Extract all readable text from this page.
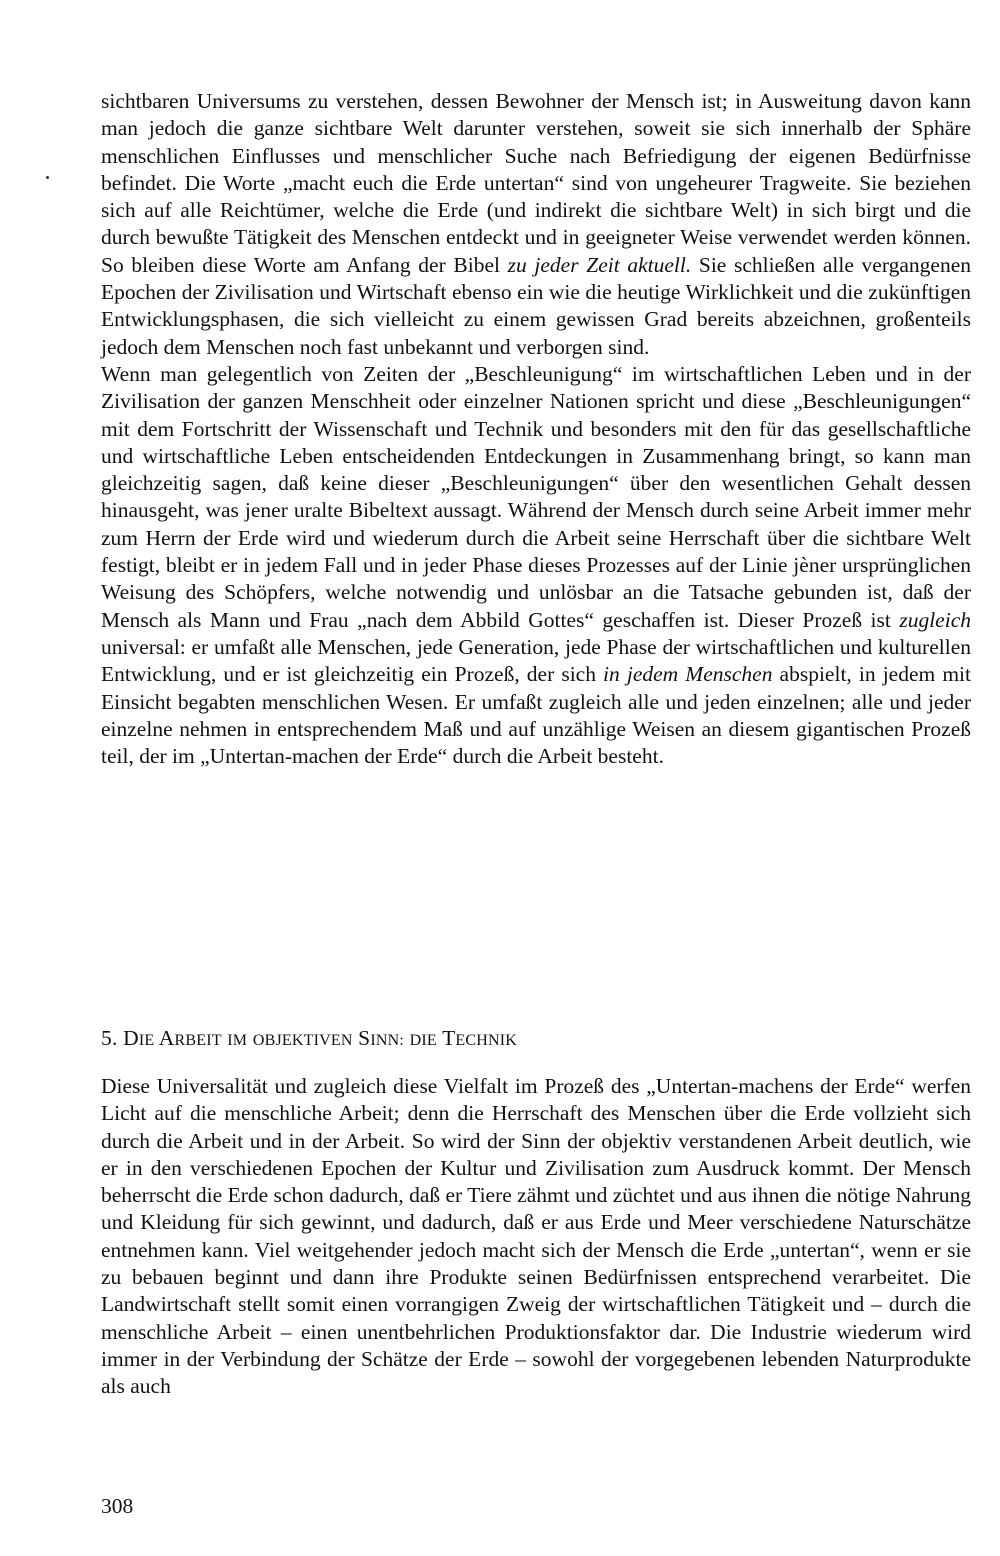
sichtbaren Universums zu verstehen, dessen Bewohner der Mensch ist; in Ausweitung davon kann man jedoch die ganze sichtbare Welt darunter verstehen, soweit sie sich innerhalb der Sphäre menschlichen Einflusses und menschlicher Suche nach Befriedigung der eigenen Bedürfnisse befindet. Die Worte „macht euch die Erde untertan“ sind von ungeheurer Tragweite. Sie beziehen sich auf alle Reichtümer, welche die Erde (und indirekt die sichtbare Welt) in sich birgt und die durch bewußte Tätigkeit des Menschen entdeckt und in geeigneter Weise verwendet werden können. So bleiben diese Worte am Anfang der Bibel zu jeder Zeit aktuell. Sie schließen alle vergangenen Epochen der Zivilisation und Wirtschaft ebenso ein wie die heutige Wirklichkeit und die zukünftigen Entwicklungsphasen, die sich vielleicht zu einem gewissen Grad bereits abzeichnen, großenteils jedoch dem Menschen noch fast unbekannt und verborgen sind.

Wenn man gelegentlich von Zeiten der „Beschleunigung“ im wirtschaftlichen Leben und in der Zivilisation der ganzen Menschheit oder einzelner Nationen spricht und diese „Beschleunigungen“ mit dem Fortschritt der Wissenschaft und Technik und besonders mit den für das gesellschaftliche und wirtschaftliche Leben entscheidenden Entdeckungen in Zusammenhang bringt, so kann man gleichzeitig sagen, daß keine dieser „Beschleunigungen“ über den wesentlichen Gehalt dessen hinausgeht, was jener uralte Bibeltext aussagt. Während der Mensch durch seine Arbeit immer mehr zum Herrn der Erde wird und wiederum durch die Arbeit seine Herrschaft über die sichtbare Welt festigt, bleibt er in jedem Fall und in jeder Phase dieses Prozesses auf der Linie jèner ursprünglichen Weisung des Schöpfers, welche notwendig und unlösbar an die Tatsache gebunden ist, daß der Mensch als Mann und Frau „nach dem Abbild Gottes“ geschaffen ist. Dieser Prozeß ist zugleich universal: er umfaßt alle Menschen, jede Generation, jede Phase der wirtschaftlichen und kulturellen Entwicklung, und er ist gleichzeitig ein Prozeß, der sich in jedem Menschen abspielt, in jedem mit Einsicht begabten menschlichen Wesen. Er umfaßt zugleich alle und jeden einzelnen; alle und jeder einzelne nehmen in entsprechendem Maß und auf unzählige Weisen an diesem gigantischen Prozeß teil, der im „Untertan-machen der Erde“ durch die Arbeit besteht.

5. DIE ARBEIT IM OBJEKTIVEN SINN: DIE TECHNIK

Diese Universalität und zugleich diese Vielfalt im Prozeß des „Untertan-machens der Erde“ werfen Licht auf die menschliche Arbeit; denn die Herrschaft des Menschen über die Erde vollzieht sich durch die Arbeit und in der Arbeit. So wird der Sinn der objektiv verstandenen Arbeit deutlich, wie er in den verschiedenen Epochen der Kultur und Zivilisation zum Ausdruck kommt. Der Mensch beherrscht die Erde schon dadurch, daß er Tiere zähmt und züchtet und aus ihnen die nötige Nahrung und Kleidung für sich gewinnt, und dadurch, daß er aus Erde und Meer verschiedene Naturschätze entnehmen kann. Viel weitgehender jedoch macht sich der Mensch die Erde „untertan“, wenn er sie zu bebauen beginnt und dann ihre Produkte seinen Bedürfnissen entsprechend verarbeitet. Die Landwirtschaft stellt somit einen vorrangigen Zweig der wirtschaftlichen Tätigkeit und – durch die menschliche Arbeit – einen unentbehrlichen Produktionsfaktor dar. Die Industrie wiederum wird immer in der Verbindung der Schätze der Erde – sowohl der vorgegebenen lebenden Naturprodukte als auch

308
